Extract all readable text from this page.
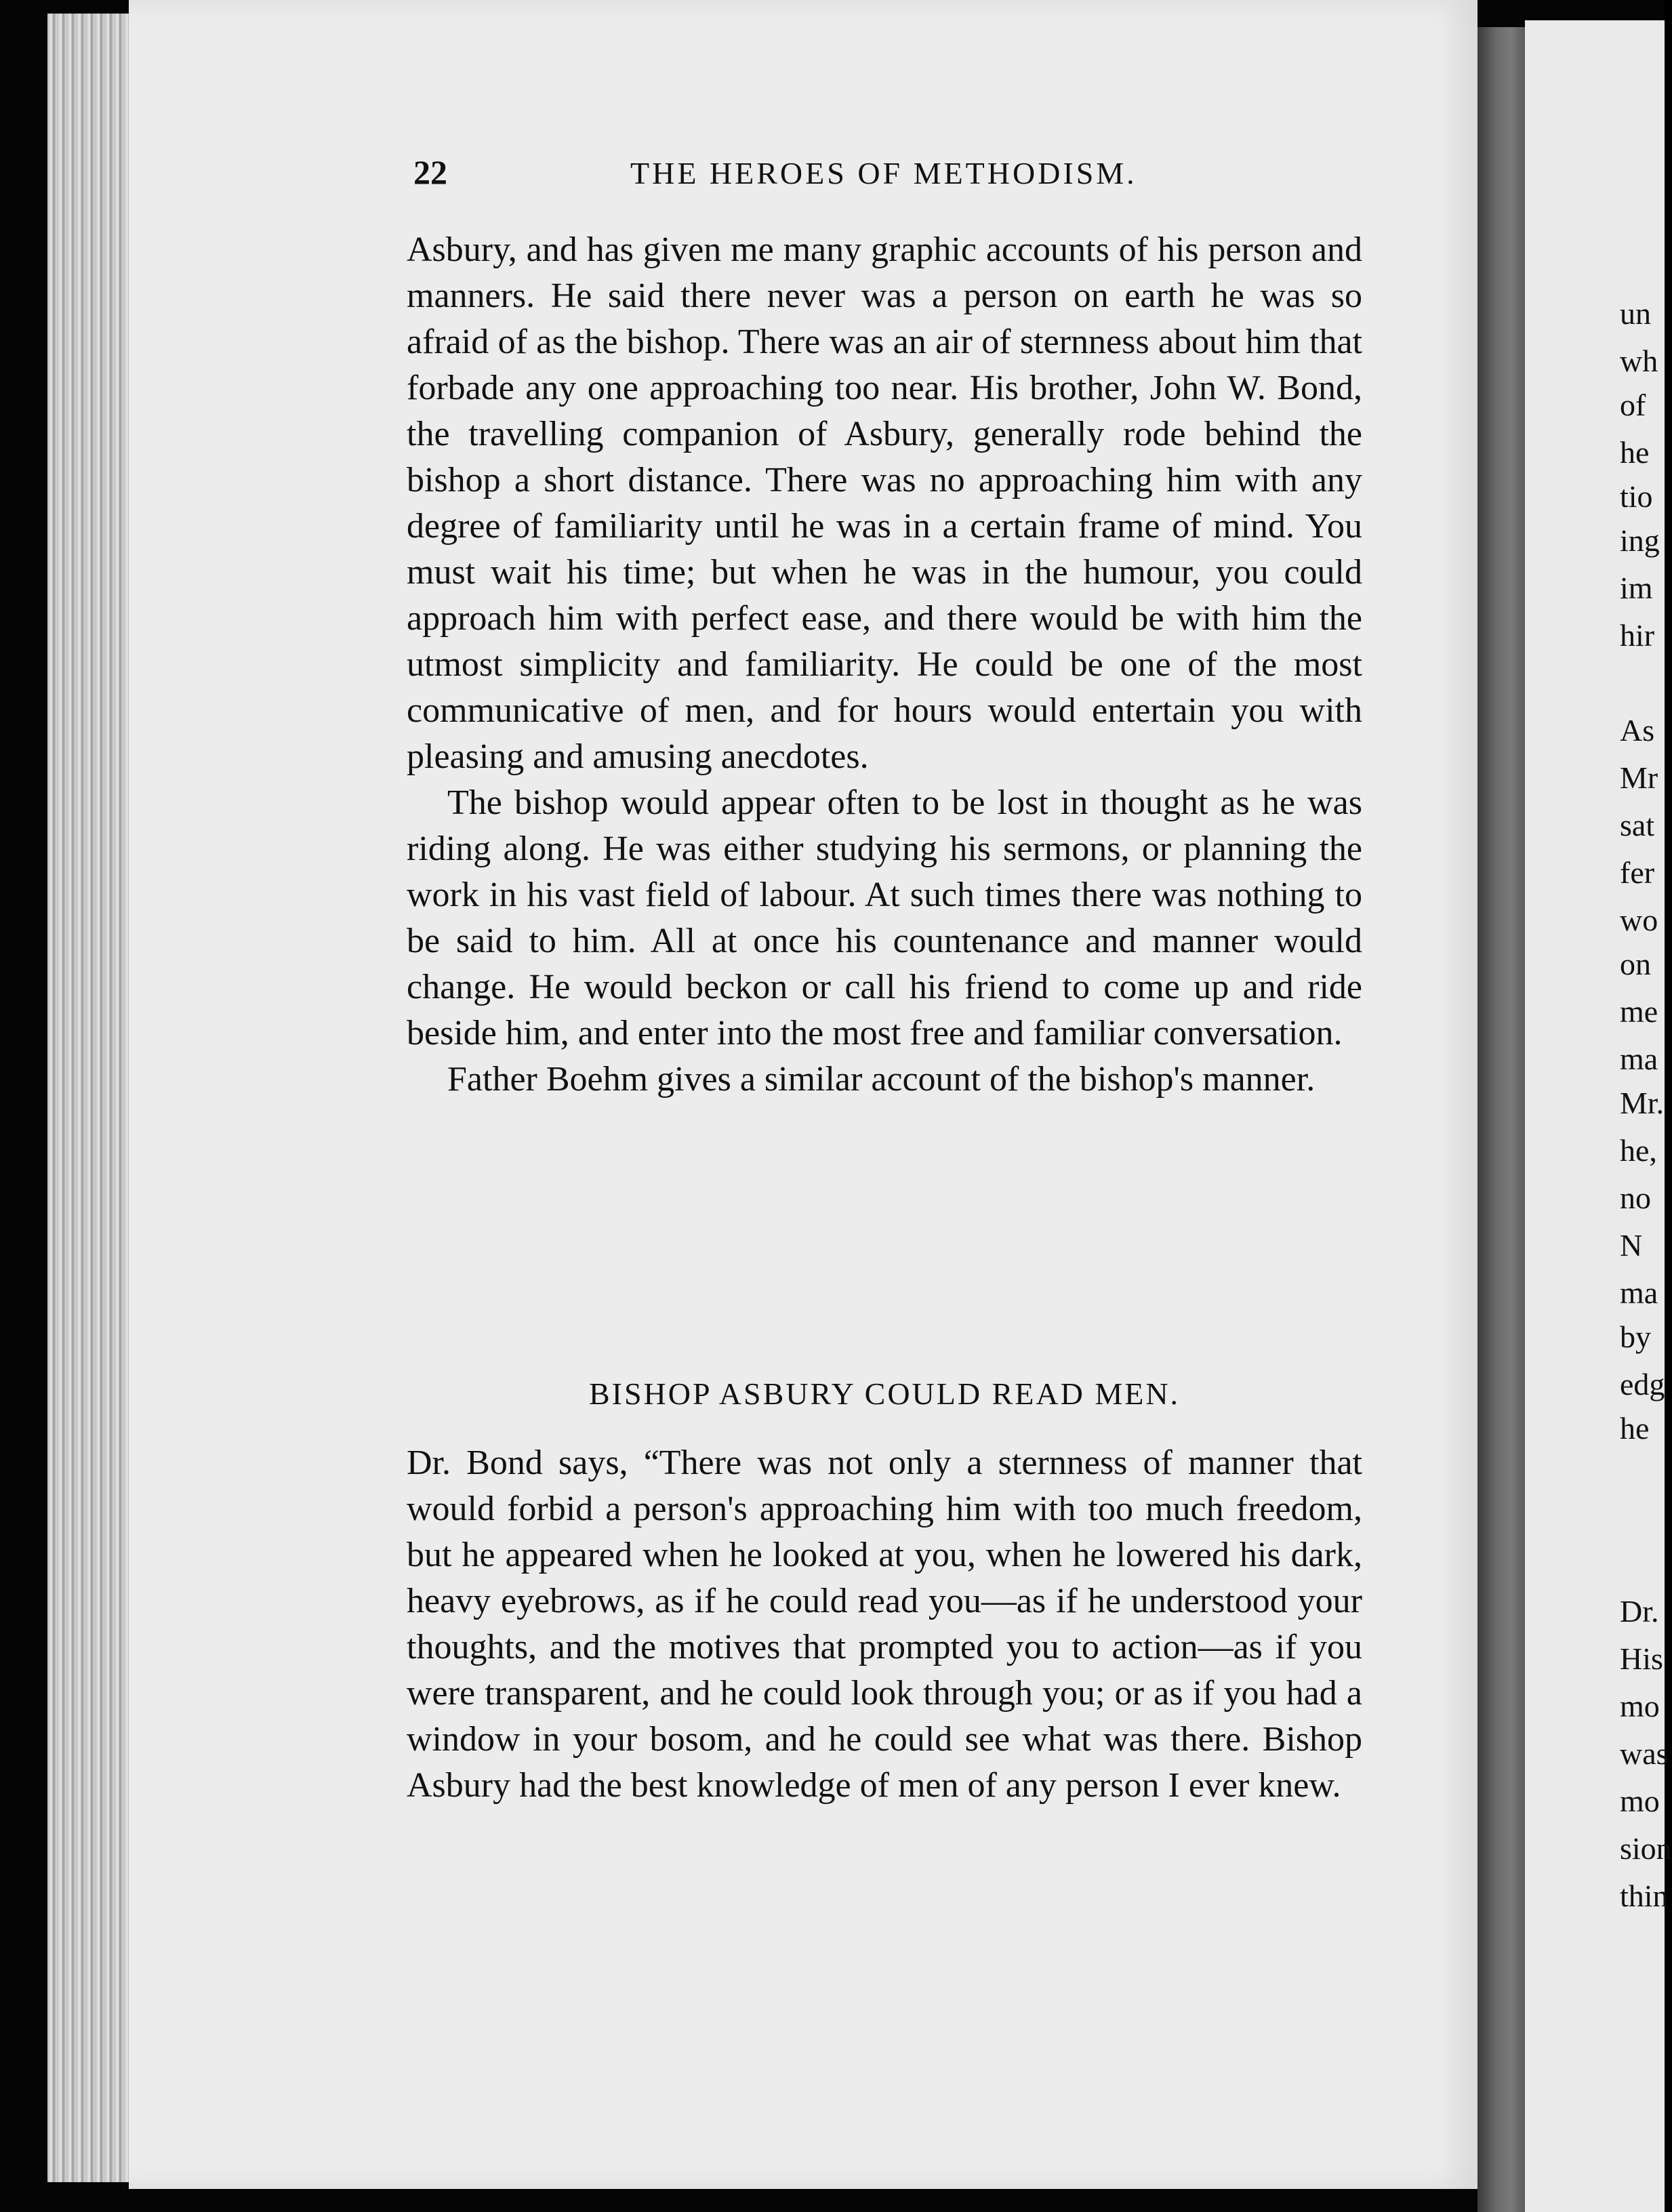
22	THE HEROES OF METHODISM.

Asbury, and has given me many graphic accounts of his person and manners. He said there never was a person on earth he was so afraid of as the bishop. There was an air of sternness about him that forbade any one approaching too near. His brother, John W. Bond, the travelling companion of Asbury, generally rode behind the bishop a short distance. There was no approaching him with any degree of familiarity until he was in a certain frame of mind. You must wait his time; but when he was in the humour, you could approach him with perfect ease, and there would be with him the utmost simplicity and familiarity. He could be one of the most communicative of men, and for hours would entertain you with pleasing and amusing anecdotes.

The bishop would appear often to be lost in thought as he was riding along. He was either studying his sermons, or planning the work in his vast field of labour. At such times there was nothing to be said to him. All at once his countenance and manner would change. He would beckon or call his friend to come up and ride beside him, and enter into the most free and familiar conversation.

Father Boehm gives a similar account of the bishop's manner.

BISHOP ASBURY COULD READ MEN.

Dr. Bond says, “There was not only a sternness of manner that would forbid a person's approaching him with too much freedom, but he appeared when he looked at you, when he lowered his dark, heavy eyebrows, as if he could read you—as if he understood your thoughts, and the motives that prompted you to action—as if you were transparent, and he could look through you; or as if you had a window in your bosom, and he could see what was there. Bishop Asbury had the best knowledge of men of any person I ever knew.

un
wh
of
he
tio
ing
im
hir
As
Mr
sat
fer
wo
on
me
ma
Mr.
he,
no
N
ma
by
edg
he
Dr.
His
mo
was
mo
sion
thin
